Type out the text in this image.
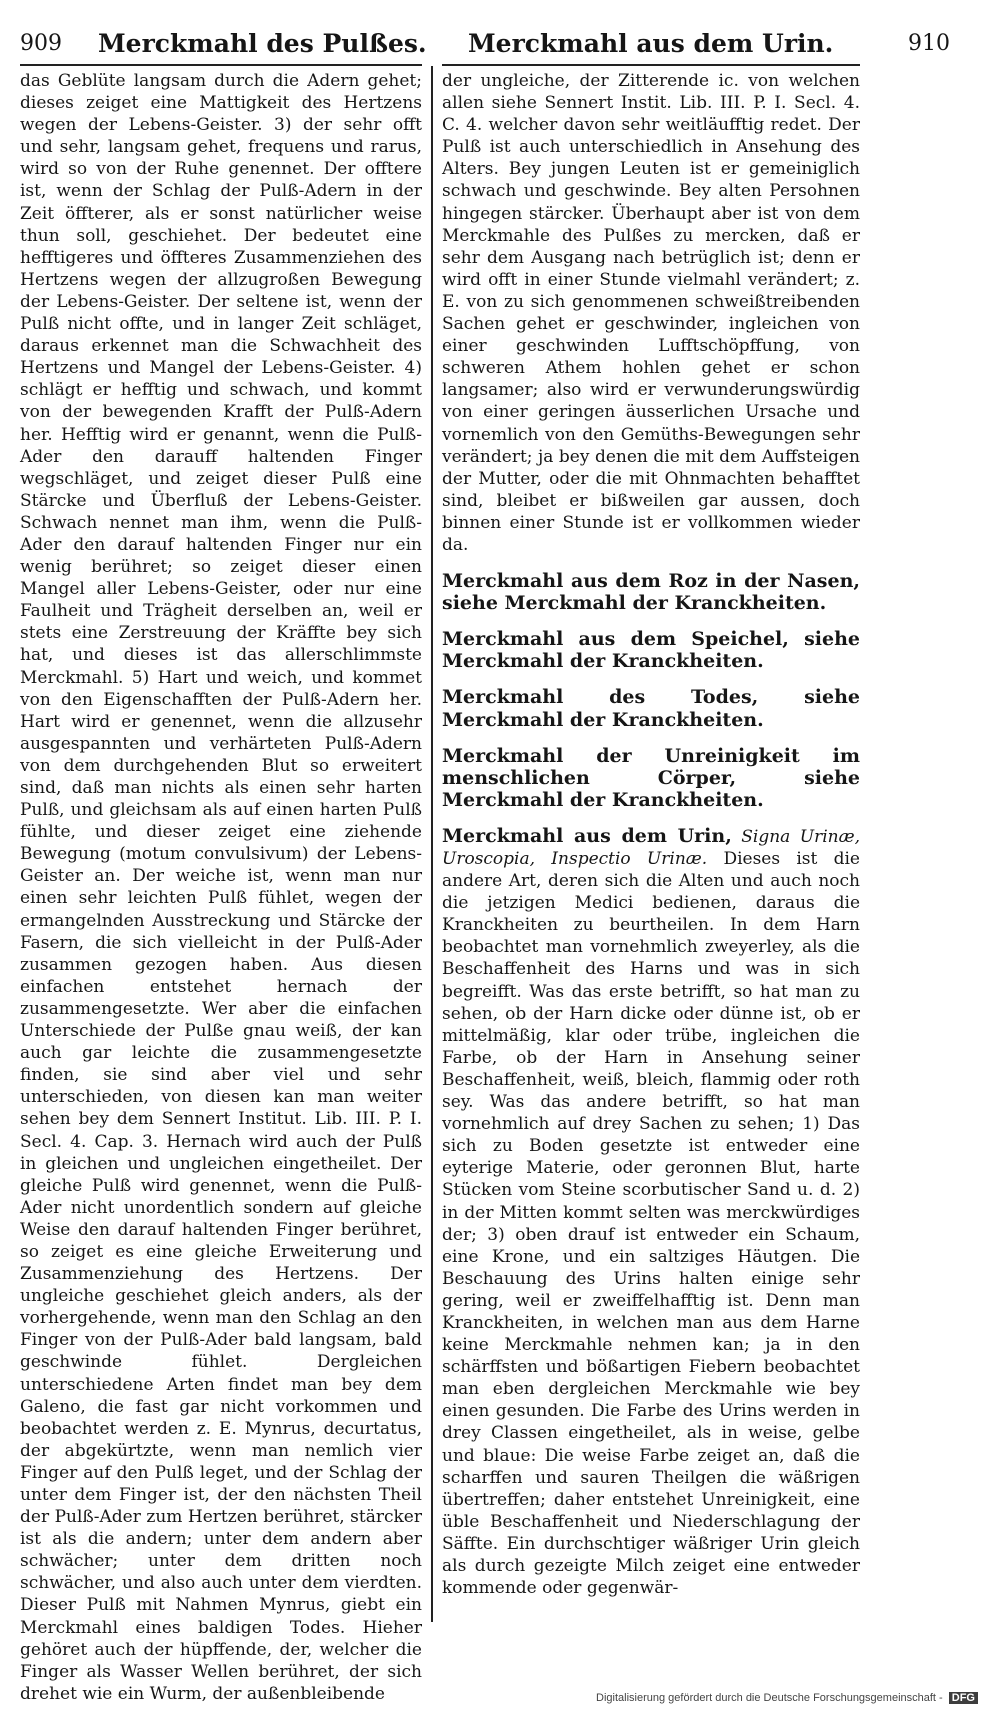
909 Merckmahl des Pulßes. Merckmahl aus dem Urin.	910

das Geblüte langsam durch die Adern gehet; dieses zeiget eine Mattigkeit des Hertzens wegen der Lebens-Geister. 3) der sehr offt und sehr, langsam gehet, frequens und rarus, wird so von der Ruhe genennet. Der offtere ist, wenn der Schlag der Pulß-Adern in der Zeit öffterer, als er sonst natürlicher weise thun soll, geschiehet. Der bedeutet eine hefftigeres und öffteres Zusammenziehen des Hertzens wegen der allzugroßen Bewegung der Lebens-Geister. Der seltene ist, wenn der Pulß nicht offte, und in langer Zeit schläget, daraus erkennet man die Schwachheit des Hertzens und Mangel der Lebens-Geister. 4) schlägt er hefftig und schwach, und kommt von der bewegenden Krafft der Pulß-Adern her. Hefftig wird er genannt, wenn die Pulß-Ader den darauff haltenden Finger wegschläget, und zeiget dieser Pulß eine Stärcke und Überfluß der Lebens-Geister. Schwach nennet man ihm, wenn die Pulß-Ader den darauf haltenden Finger nur ein wenig berühret; so zeiget dieser einen Mangel aller Lebens-Geister, oder nur eine Faulheit und Trägheit derselben an, weil er stets eine Zerstreuung der Kräffte bey sich hat, und dieses ist das allerschlimmste Merckmahl. 5) Hart und weich, und kommet von den Eigenschafften der Pulß-Adern her. Hart wird er genennet, wenn die allzusehr ausgespannten und verhärteten Pulß-Adern von dem durchgehenden Blut so erweitert sind, daß man nichts als einen sehr harten Pulß, und gleichsam als auf einen harten Pulß fühlte, und dieser zeiget eine ziehende Bewegung (motum convulsivum) der Lebens-Geister an. Der weiche ist, wenn man nur einen sehr leichten Pulß fühlet, wegen der ermangelnden Ausstreckung und Stärcke der Fasern, die sich vielleicht in der Pulß-Ader zusammen gezogen haben. Aus diesen einfachen entstehet hernach der zusammengesetzte. Wer aber die einfachen Unterschiede der Pulße gnau weiß, der kan auch gar leichte die zusammengesetzte finden, sie sind aber viel und sehr unterschieden, von diesen kan man weiter sehen bey dem Sennert Institut. Lib. III. P. I. Secl. 4. Cap. 3. Hernach wird auch der Pulß in gleichen und ungleichen eingetheilet. Der gleiche Pulß wird genennet, wenn die Pulß-Ader nicht unordentlich sondern auf gleiche Weise den darauf haltenden Finger berühret, so zeiget es eine gleiche Erweiterung und Zusammenziehung des Hertzens. Der ungleiche geschiehet gleich anders, als der vorhergehende, wenn man den Schlag an den Finger von der Pulß-Ader bald langsam, bald geschwinde fühlet. Dergleichen unterschiedene Arten findet man bey dem Galeno, die fast gar nicht vorkommen und beobachtet werden z. E. Mynrus, decurtatus, der abgekürtzte, wenn man nemlich vier Finger auf den Pulß leget, und der Schlag der unter dem Finger ist, der den nächsten Theil der Pulß-Ader zum Hertzen berühret, stärcker ist als die andern; unter dem andern aber schwächer; unter dem dritten noch schwächer, und also auch unter dem vierdten. Dieser Pulß mit Nahmen Mynrus, giebt ein Merckmahl eines baldigen Todes. Hieher gehöret auch der hüpffende, der, welcher die Finger als Wasser Wellen berühret, der sich drehet wie ein Wurm, der außenbleibende

der ungleiche, der Zitterende ic. von welchen allen siehe Sennert Instit. Lib. III. P. I. Secl. 4. C. 4. welcher davon sehr weitläufftig redet. Der Pulß ist auch unterschiedlich in Ansehung des Alters. Bey jungen Leuten ist er gemeiniglich schwach und geschwinde. Bey alten Persohnen hingegen stärcker. Überhaupt aber ist von dem Merckmahle des Pulßes zu mercken, daß er sehr dem Ausgang nach betrüglich ist; denn er wird offt in einer Stunde vielmahl verändert; z. E. von zu sich genommenen schweißtreibenden Sachen gehet er geschwinder, ingleichen von einer geschwinden Lufftschöpffung, von schweren Athem hohlen gehet er schon langsamer; also wird er verwunderungswürdig von einer geringen äusserlichen Ursache und vornemlich von den Gemüths-Bewegungen sehr verändert; ja bey denen die mit dem Auffsteigen der Mutter, oder die mit Ohnmachten behafftet sind, bleibet er bißweilen gar aussen, doch binnen einer Stunde ist er vollkommen wieder da.

Merckmahl aus dem Roz in der Nasen, siehe Merckmahl der Kranckheiten.

Merckmahl aus dem Speichel, siehe Merckmahl der Kranckheiten.

Merckmahl des Todes, siehe Merckmahl der Kranckheiten.

Merckmahl der Unreinigkeit im menschlichen Cörper, siehe Merckmahl der Kranckheiten.

Merckmahl aus dem Urin, Signa Urinæ, Uroscopia, Inspectio Urinæ. Dieses ist die andere Art, deren sich die Alten und auch noch die jetzigen Medici bedienen, daraus die Kranckheiten zu beurtheilen. In dem Harn beobachtet man vornehmlich zweyerley, als die Beschaffenheit des Harns und was in sich begreifft. Was das erste betrifft, so hat man zu sehen, ob der Harn dicke oder dünne ist, ob er mittelmäßig, klar oder trübe, ingleichen die Farbe, ob der Harn in Ansehung seiner Beschaffenheit, weiß, bleich, flammig oder roth sey. Was das andere betrifft, so hat man vornehmlich auf drey Sachen zu sehen; 1) Das sich zu Boden gesetzte ist entweder eine eyterige Materie, oder geronnen Blut, harte Stücken vom Steine scorbutischer Sand u. d. 2) in der Mitten kommt selten was merckwürdiges der; 3) oben drauf ist entweder ein Schaum, eine Krone, und ein saltziges Häutgen. Die Beschauung des Urins halten einige sehr gering, weil er zweiffelhafftig ist. Denn man Kranckheiten, in welchen man aus dem Harne keine Merckmahle nehmen kan; ja in den schärffsten und bößartigen Fiebern beobachtet man eben dergleichen Merckmahle wie bey einen gesunden. Die Farbe des Urins werden in drey Classen eingetheilet, als in weise, gelbe und blaue: Die weise Farbe zeiget an, daß die scharffen und sauren Theilgen die wäßrigen übertreffen; daher entstehet Unreinigkeit, eine üble Beschaffenheit und Niederschlagung der Säffte. Ein durchschtiger wäßriger Urin gleich als durch gezeigte Milch zeiget eine entweder kommende oder gegenwär-

Digitalisierung gefördert durch die Deutsche Forschungsgemeinschaft - DFG
